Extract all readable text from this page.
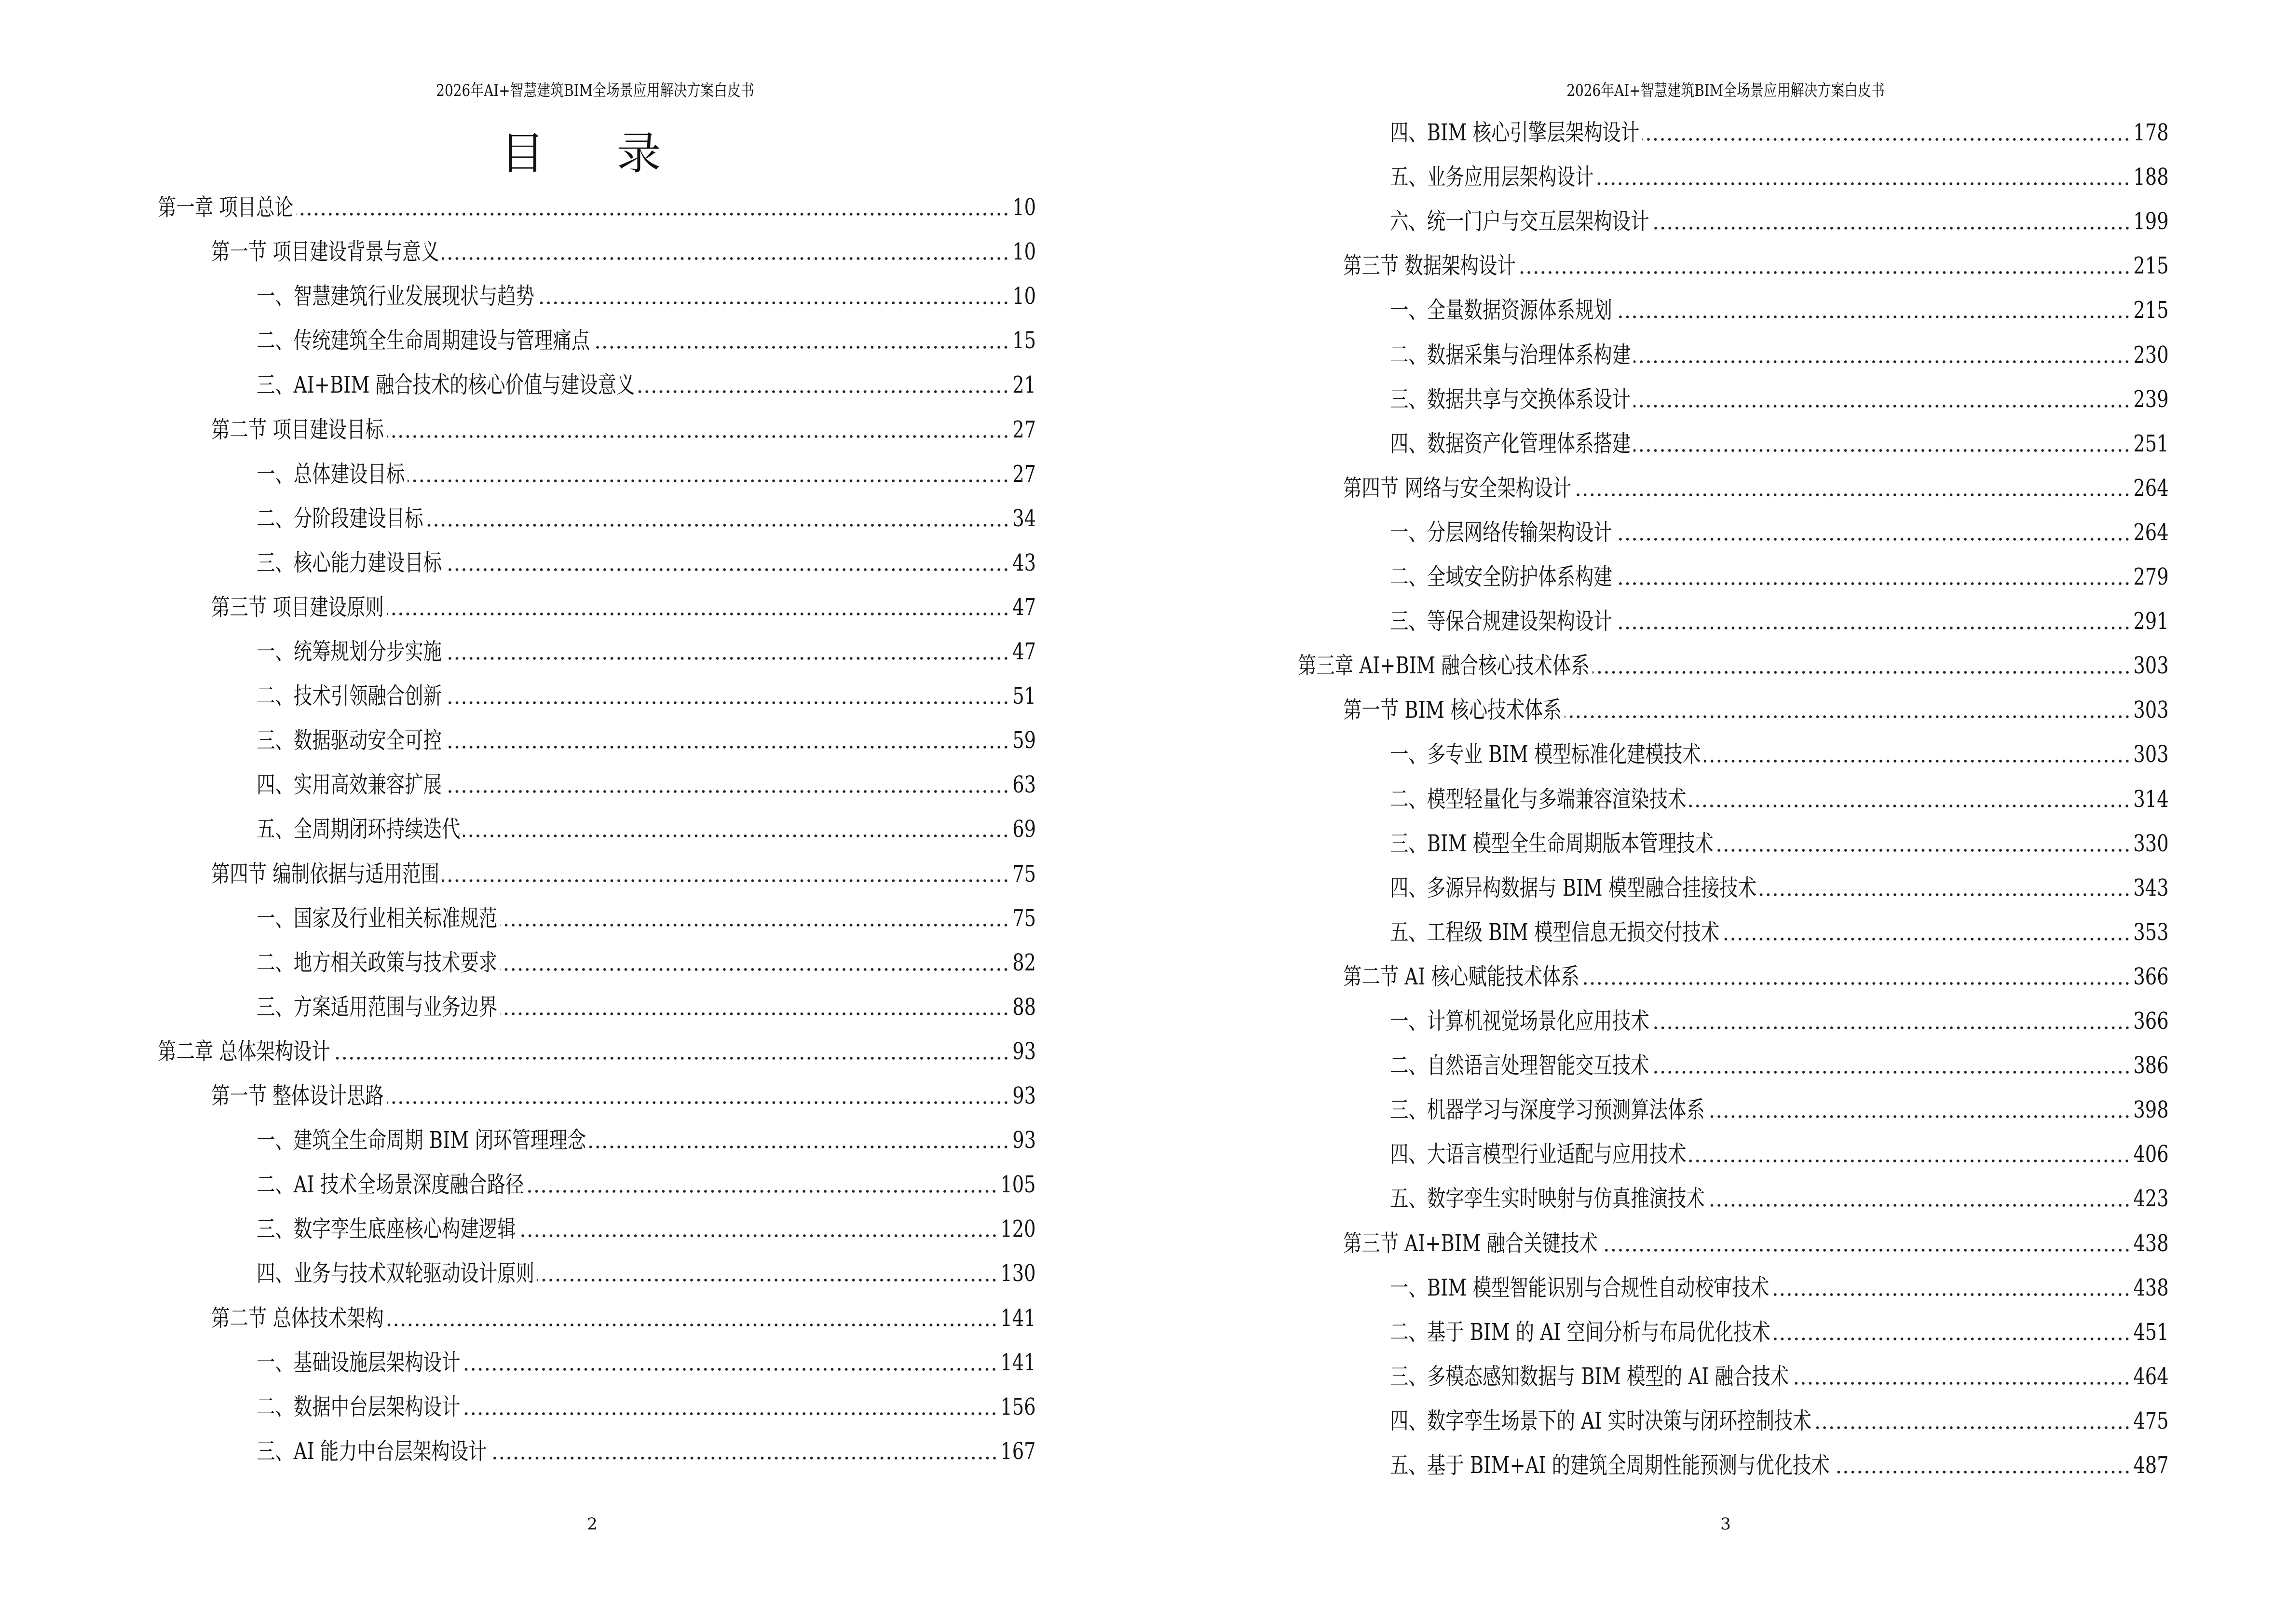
2026年AI+智慧建筑BIM全场景应用解决方案白皮书
目 录
第一章 项目总论	10
第一节 项目建设背景与意义	10
一、智慧建筑行业发展现状与趋势	10
二、传统建筑全生命周期建设与管理痛点	15
三、AI+BIM 融合技术的核心价值与建设意义	21
第二节 项目建设目标	27
一、总体建设目标	27
二、分阶段建设目标	34
三、核心能力建设目标	43
第三节 项目建设原则	47
一、统筹规划分步实施	47
二、技术引领融合创新	51
三、数据驱动安全可控	59
四、实用高效兼容扩展	63
五、全周期闭环持续迭代	69
第四节 编制依据与适用范围	75
一、国家及行业相关标准规范	75
二、地方相关政策与技术要求	82
三、方案适用范围与业务边界	88
第二章 总体架构设计	93
第一节 整体设计思路	93
一、建筑全生命周期 BIM 闭环管理理念	93
二、AI 技术全场景深度融合路径	105
三、数字孪生底座核心构建逻辑	120
四、业务与技术双轮驱动设计原则	130
第二节 总体技术架构	141
一、基础设施层架构设计	141
二、数据中台层架构设计	156
三、AI 能力中台层架构设计	167
2
2026年AI+智慧建筑BIM全场景应用解决方案白皮书
四、BIM 核心引擎层架构设计	178
五、业务应用层架构设计	188
六、统一门户与交互层架构设计	199
第三节 数据架构设计	215
一、全量数据资源体系规划	215
二、数据采集与治理体系构建	230
三、数据共享与交换体系设计	239
四、数据资产化管理体系搭建	251
第四节 网络与安全架构设计	264
一、分层网络传输架构设计	264
二、全域安全防护体系构建	279
三、等保合规建设架构设计	291
第三章 AI+BIM 融合核心技术体系	303
第一节 BIM 核心技术体系	303
一、多专业 BIM 模型标准化建模技术	303
二、模型轻量化与多端兼容渲染技术	314
三、BIM 模型全生命周期版本管理技术	330
四、多源异构数据与 BIM 模型融合挂接技术	343
五、工程级 BIM 模型信息无损交付技术	353
第二节 AI 核心赋能技术体系	366
一、计算机视觉场景化应用技术	366
二、自然语言处理智能交互技术	386
三、机器学习与深度学习预测算法体系	398
四、大语言模型行业适配与应用技术	406
五、数字孪生实时映射与仿真推演技术	423
第三节 AI+BIM 融合关键技术	438
一、BIM 模型智能识别与合规性自动校审技术	438
二、基于 BIM 的 AI 空间分析与布局优化技术	451
三、多模态感知数据与 BIM 模型的 AI 融合技术	464
四、数字孪生场景下的 AI 实时决策与闭环控制技术	475
五、基于 BIM+AI 的建筑全周期性能预测与优化技术	487
3
